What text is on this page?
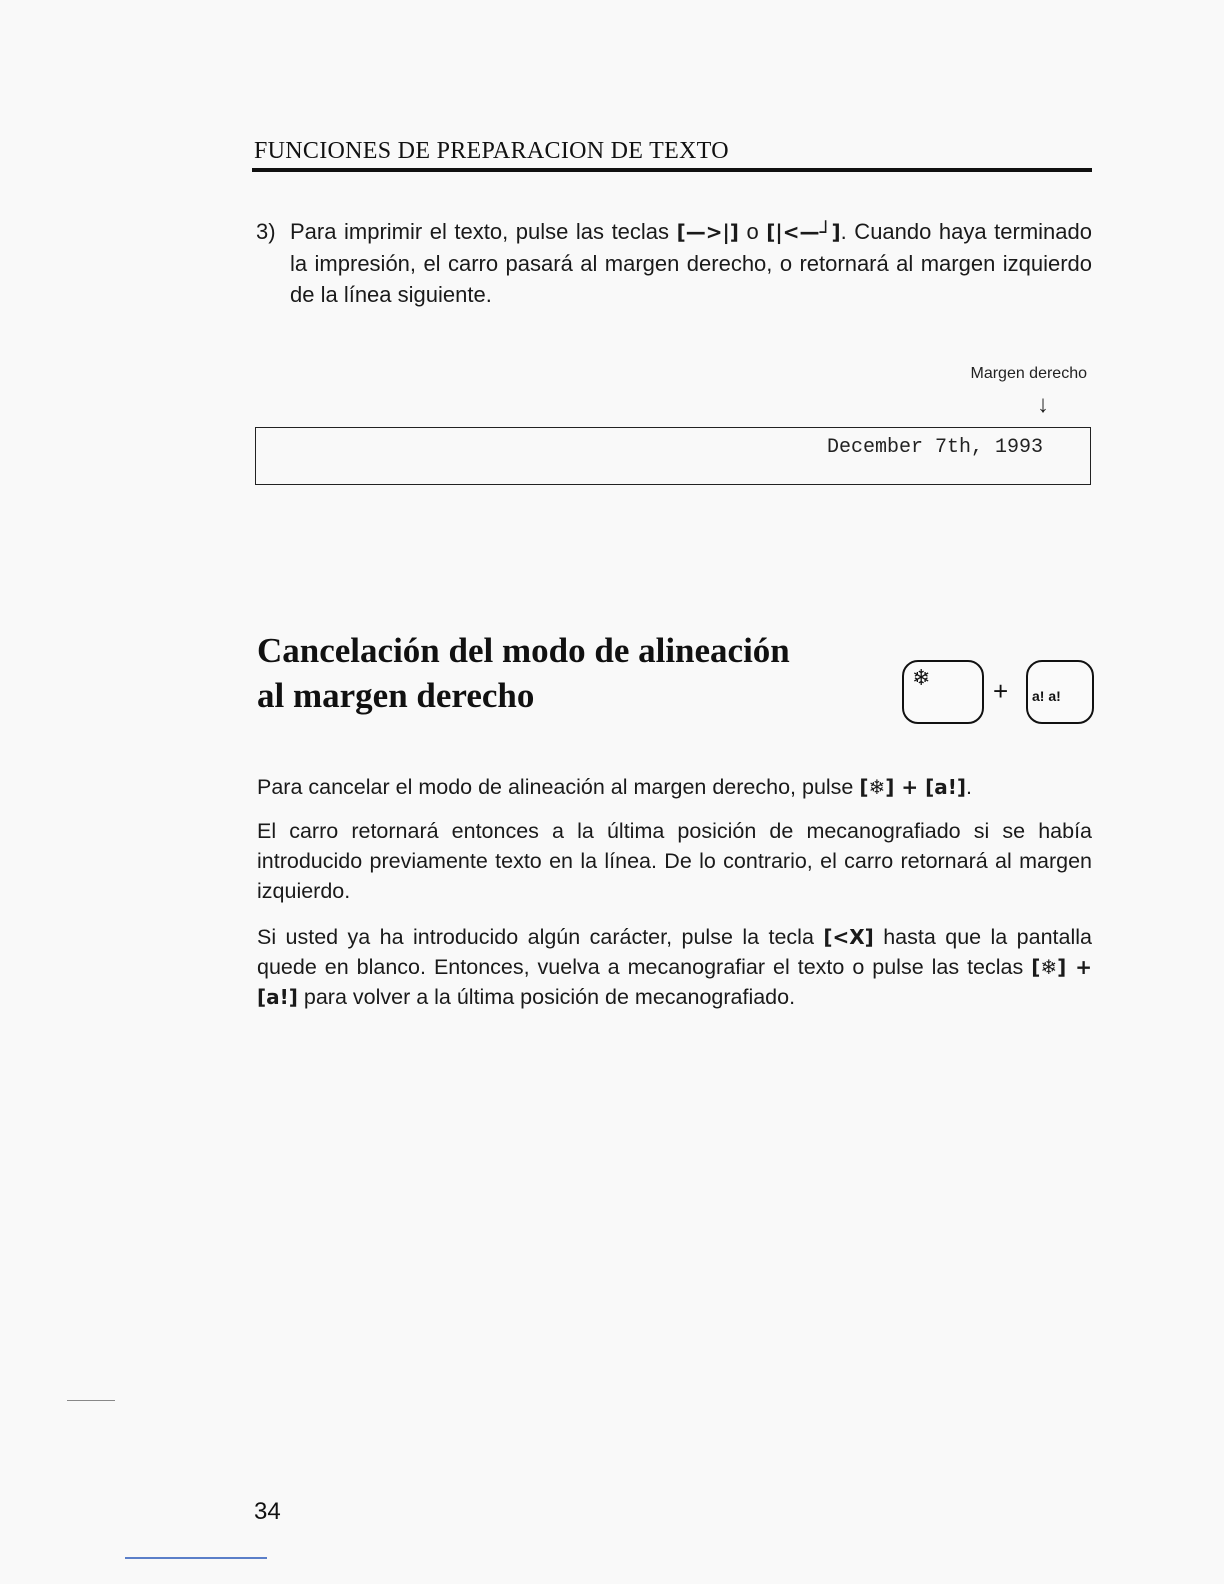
FUNCIONES DE PREPARACION DE TEXTO
3) Para imprimir el texto, pulse las teclas [—>|] o [|<—┘]. Cuando haya terminado la impresión, el carro pasará al margen derecho, o retornará al margen izquierdo de la línea siguiente.
Margen derecho
↓
December 7th, 1993
Cancelación del modo de alineación
al margen derecho	❄ + a! a!
Para cancelar el modo de alineación al margen derecho, pulse [❄] + [a!].
El carro retornará entonces a la última posición de mecanografiado si se había introducido previamente texto en la línea. De lo contrario, el carro retornará al margen izquierdo.
Si usted ya ha introducido algún carácter, pulse la tecla [<X] hasta que la pantalla quede en blanco. Entonces, vuelva a mecanografiar el texto o pulse las teclas [❄] + [a!] para volver a la última posición de mecanografiado.
34
